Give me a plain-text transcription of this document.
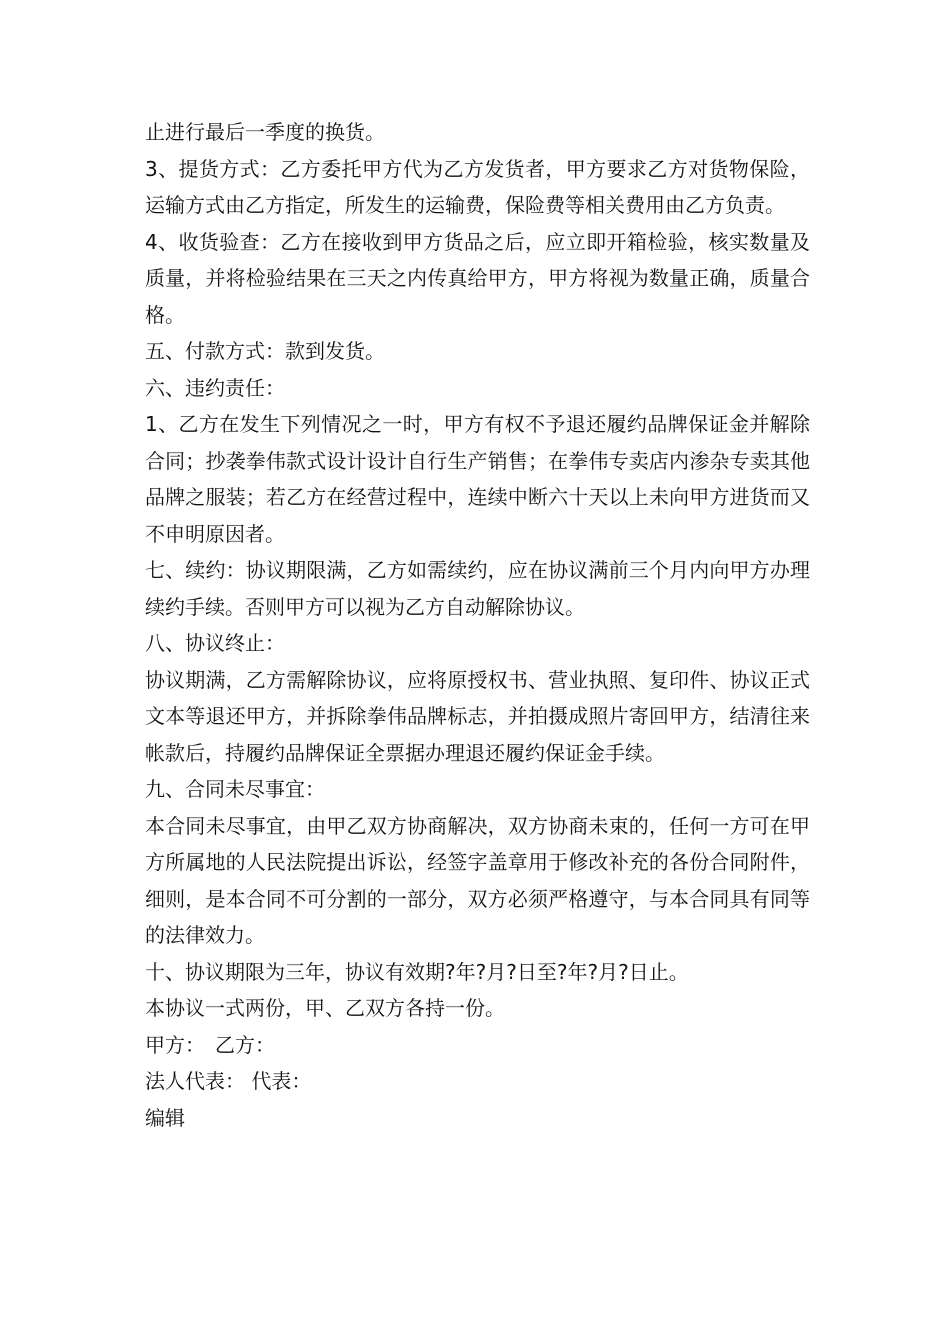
止进行最后一季度的换货。

3、提货方式：乙方委托甲方代为乙方发货者，甲方要求乙方对货物保险，运输方式由乙方指定，所发生的运输费，保险费等相关费用由乙方负责。

4、收货验查：乙方在接收到甲方货品之后，应立即开箱检验，核实数量及质量，并将检验结果在三天之内传真给甲方，甲方将视为数量正确，质量合格。

五、付款方式：款到发货。

六、违约责任：

1、乙方在发生下列情况之一时，甲方有权不予退还履约品牌保证金并解除合同；抄袭拳伟款式设计设计自行生产销售；在拳伟专卖店内渗杂专卖其他品牌之服装；若乙方在经营过程中，连续中断六十天以上未向甲方进货而又不申明原因者。

七、续约：协议期限满，乙方如需续约，应在协议满前三个月内向甲方办理续约手续。否则甲方可以视为乙方自动解除协议。

八、协议终止：

协议期满，乙方需解除协议，应将原授权书、营业执照、复印件、协议正式文本等退还甲方，并拆除拳伟品牌标志，并拍摄成照片寄回甲方，结清往来帐款后，持履约品牌保证全票据办理退还履约保证金手续。

九、合同未尽事宜：

本合同未尽事宜，由甲乙双方协商解决，双方协商未束的，任何一方可在甲方所属地的人民法院提出诉讼，经签字盖章用于修改补充的各份合同附件，细则，是本合同不可分割的一部分，双方必须严格遵守，与本合同具有同等的法律效力。

十、协议期限为三年，协议有效期?年?月?日至?年?月?日止。

本协议一式两份，甲、乙双方各持一份。

甲方：　乙方：

法人代表： 代表：

编辑
